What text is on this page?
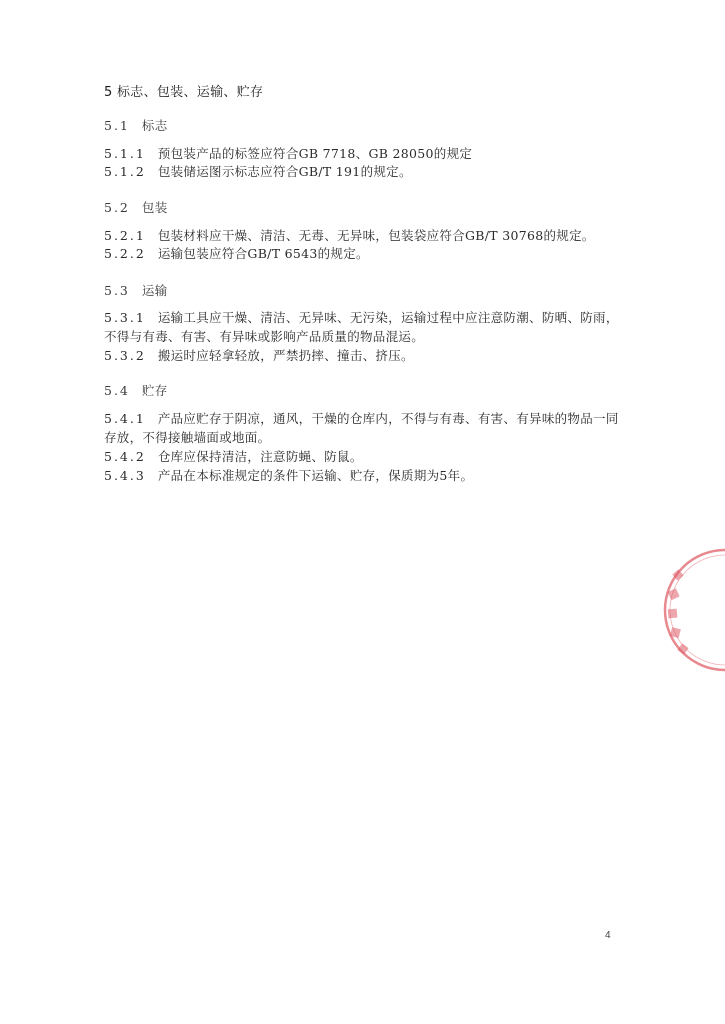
5 标志、包装、运输、贮存
5.1 标志
5.1.1 预包装产品的标签应符合GB 7718、GB 28050的规定
5.1.2 包装储运图示标志应符合GB/T 191的规定。
5.2 包装
5.2.1 包装材料应干燥、清洁、无毒、无异味，包装袋应符合GB/T 30768的规定。
5.2.2 运输包装应符合GB/T 6543的规定。
5.3 运输
5.3.1 运输工具应干燥、清洁、无异味、无污染，运输过程中应注意防潮、防晒、防雨，
不得与有毒、有害、有异味或影响产品质量的物品混运。
5.3.2 搬运时应轻拿轻放，严禁扔摔、撞击、挤压。
5.4 贮存
5.4.1 产品应贮存于阴凉，通风，干燥的仓库内，不得与有毒、有害、有异味的物品一同
存放，不得接触墙面或地面。
5.4.2 仓库应保持清洁，注意防蝇、防鼠。
5.4.3 产品在本标准规定的条件下运输、贮存，保质期为5年。
4
